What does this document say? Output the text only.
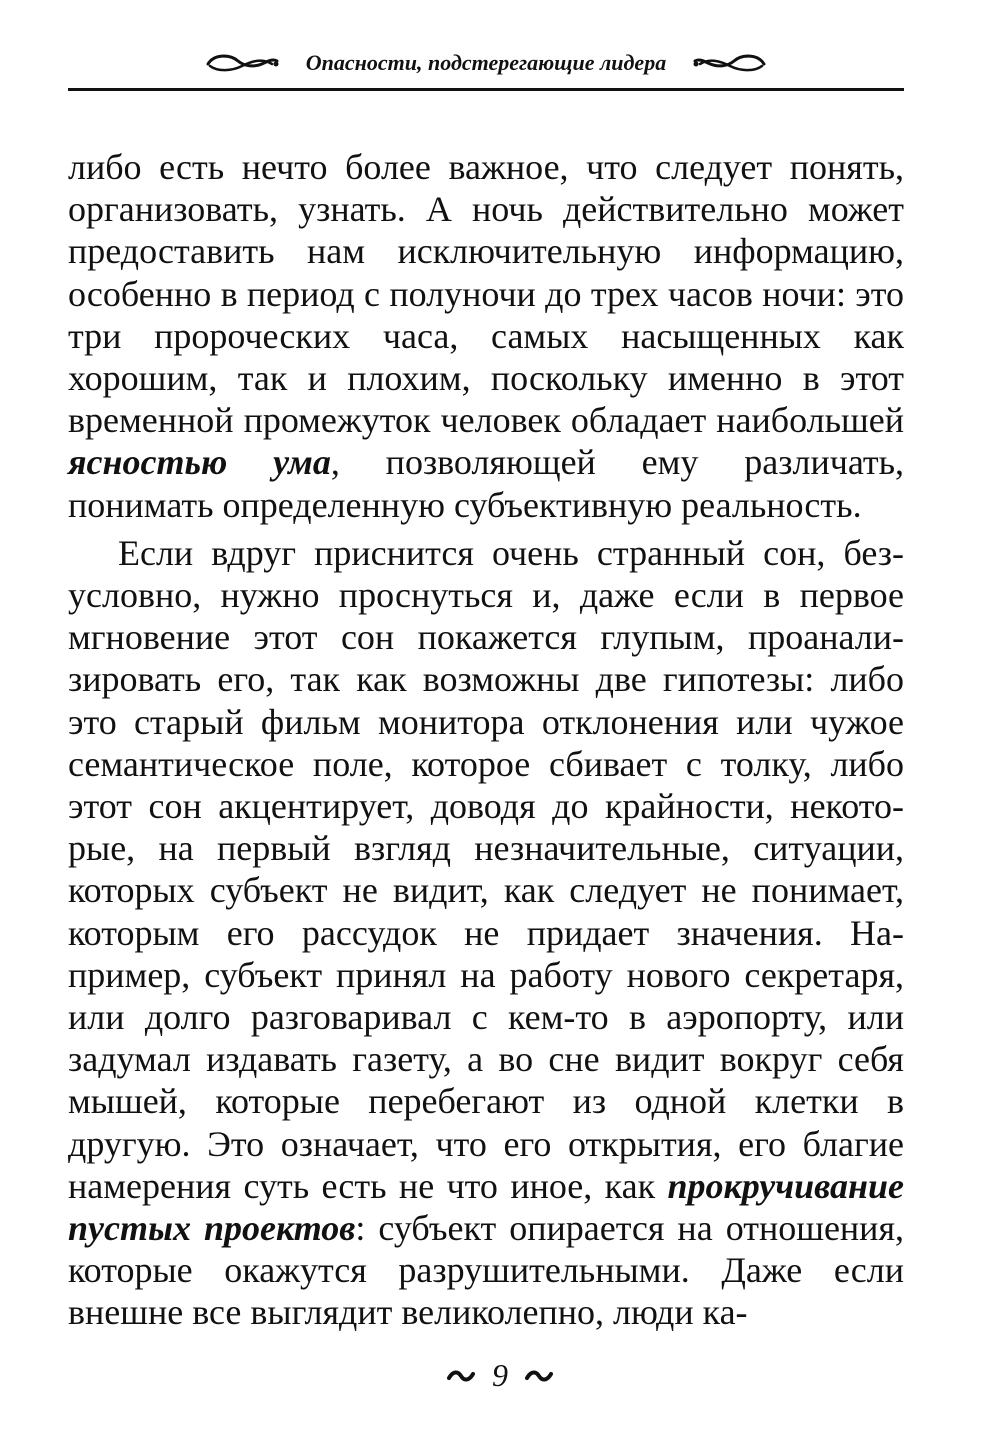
Опасности, подстерегающие лидера

либо есть нечто более важное, что следует понять, организовать, узнать. А ночь действительно может предоставить нам исключительную информацию, особенно в период с полуночи до трех часов ночи: это три пророческих часа, самых насыщенных как хорошим, так и плохим, поскольку именно в этот временной промежуток человек обладает наибольшей ясностью ума, позволяющей ему различать, понимать определенную субъективную реальность.

Если вдруг приснится очень странный сон, безусловно, нужно проснуться и, даже если в первое мгновение этот сон покажется глупым, проанализировать его, так как возможны две гипотезы: либо это старый фильм монитора отклонения или чужое семантическое поле, которое сбивает с толку, либо этот сон акцентирует, доводя до крайности, некоторые, на первый взгляд незначительные, ситуации, которых субъект не видит, как следует не понимает, которым его рассудок не придает значения. Например, субъект принял на работу нового секретаря, или долго разговаривал с кем-то в аэропорту, или задумал издавать газету, а во сне видит вокруг себя мышей, которые перебегают из одной клетки в другую. Это означает, что его открытия, его благие намерения суть есть не что иное, как прокручивание пустых проектов: субъект опирается на отношения, которые окажутся разрушительными. Даже если внешне все выглядит великолепно, люди ка-

9
